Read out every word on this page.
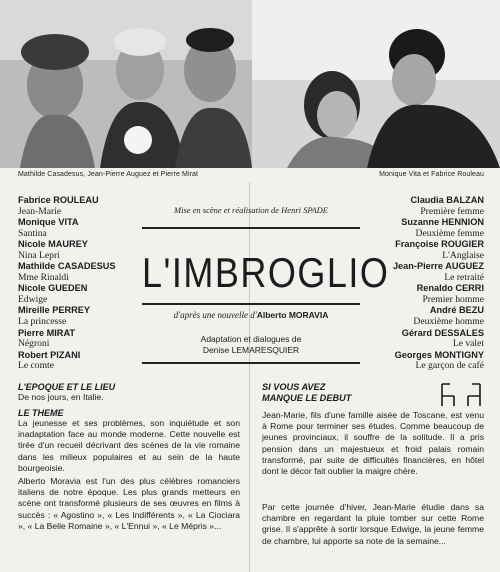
Mathilde Casadesus, Jean-Pierre Auguez et Pierre Mirat	Monique Vita et Fabrice Rouleau
Fabrice ROULEAU
Jean-Marie
Monique VITA
Santina
Nicole MAUREY
Nina Lepri
Mathilde CASADESUS
Mme Rinaldi
Nicole GUEDEN
Edwige
Mireille PERREY
La princesse
Pierre MIRAT
Négroni
Robert PIZANI
Le comte
Claudia BALZAN
Première femme
Suzanne HENNION
Deuxième femme
Françoise ROUGIER
L'Anglaise
Jean-Pierre AUGUEZ
Le retraité
Renaldo CERRI
Premier homme
André BEZU
Deuxième homme
Gérard DESSALES
Le valet
Georges MONTIGNY
Le garçon de café
Mise en scène et réalisation de Henri SPADE
L'IMBROGLIO
d'après une nouvelle d'Alberto MORAVIA
Adaptation et dialogues de
Denise LEMARESQUIER
L'EPOQUE ET LE LIEU

De nos jours, en Italie.

LE THEME

La jeunesse et ses problèmes, son inquiétude et son inadaptation face au monde moderne. Cette nouvelle est tirée d'un recueil décrivant des scènes de la vie romaine dans les milieux populaires et au sein de la haute bourgeoisie.

Alberto Moravia est l'un des plus célèbres romanciers italiens de notre époque. Les plus grands metteurs en scène ont transformé plusieurs de ses œuvres en films à succès : « Agostino », « Les Indifférents », « La Ciociara », « La Belle Romaine », « L'Ennui », « Le Mépris »...

SI VOUS AVEZ
MANQUE LE DEBUT

Jean-Marie, fils d'une famille aisée de Toscane, est venu à Rome pour terminer ses études. Comme beaucoup de jeunes provinciaux, il souffre de la solitude. Il a pris pension dans un majestueux et froid palais romain transformé, par suite de difficultés financières, en hôtel dont le décor fait oublier la maigre chère.

Par cette journée d'hiver, Jean-Marie étudie dans sa chambre en regardant la pluie tomber sur cette Rome grise. Il s'apprête à sortir lorsque Edwige, la jeune femme de chambre, lui apporte sa note de la semaine...
